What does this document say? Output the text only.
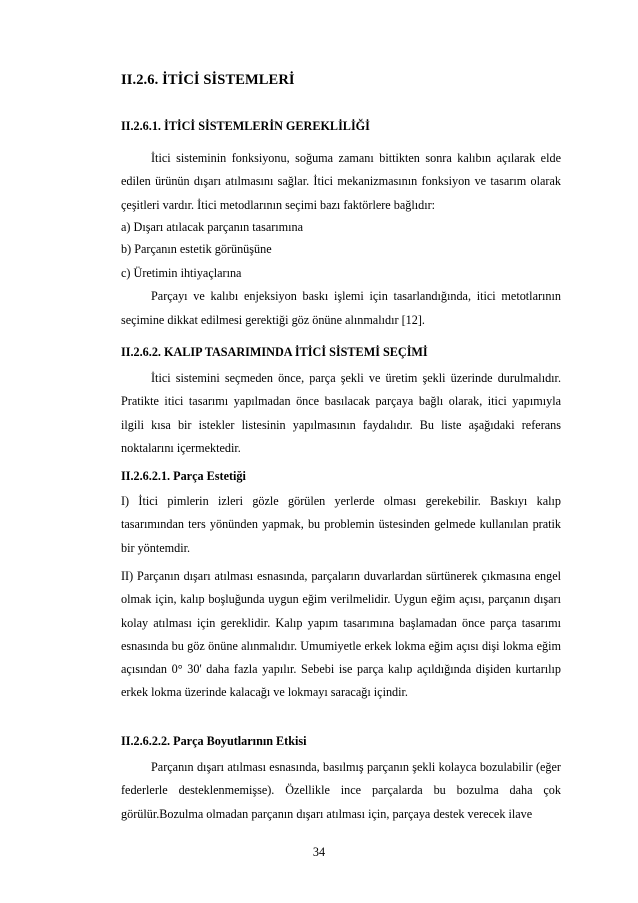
II.2.6. İTİCİ SİSTEMLERİ
II.2.6.1. İTİCİ SİSTEMLERİN GEREKLİLİĞİ

İtici sisteminin fonksiyonu, soğuma zamanı bittikten sonra kalıbın açılarak elde edilen ürünün dışarı atılmasını sağlar. İtici mekanizmasının fonksiyon ve tasarım olarak çeşitleri vardır. İtici metodlarının seçimi bazı faktörlere bağlıdır:

a) Dışarı atılacak parçanın tasarımına

b) Parçanın estetik görünüşüne

c) Üretimin ihtiyaçlarına
Parçayı ve kalıbı enjeksiyon baskı işlemi için tasarlandığında, itici metotlarının seçimine dikkat edilmesi gerektiği göz önüne alınmalıdır [12].
II.2.6.2. KALIP TASARIMINDA İTİCİ SİSTEMİ SEÇİMİ

İtici sistemini seçmeden önce, parça şekli ve üretim şekli üzerinde durulmalıdır. Pratikte itici tasarımı yapılmadan önce basılacak parçaya bağlı olarak, itici yapımıyla ilgili kısa bir istekler listesinin yapılmasının faydalıdır. Bu liste aşağıdaki referans noktalarını içermektedir.

II.2.6.2.1. Parça Estetiği

I) İtici pimlerin izleri gözle görülen yerlerde olması gerekebilir. Baskıyı kalıp tasarımından ters yönünden yapmak, bu problemin üstesinden gelmede kullanılan pratik bir yöntemdir.

II) Parçanın dışarı atılması esnasında, parçaların duvarlardan sürtünerek çıkmasına engel olmak için, kalıp boşluğunda uygun eğim verilmelidir. Uygun eğim açısı, parçanın dışarı kolay atılması için gereklidir. Kalıp yapım tasarımına başlamadan önce parça tasarımı esnasında bu göz önüne alınmalıdır. Umumiyetle erkek lokma eğim açısı dişi lokma eğim açısından 0° 30' daha fazla yapılır. Sebebi ise parça kalıp açıldığında dişiden kurtarılıp erkek lokma üzerinde kalacağı ve lokmayı saracağı içindir.

II.2.6.2.2. Parça Boyutlarının Etkisi

Parçanın dışarı atılması esnasında, basılmış parçanın şekli kolayca bozulabilir (eğer federlerle desteklenmemişse). Özellikle ince parçalarda bu bozulma daha çok görülür.Bozulma olmadan parçanın dışarı atılması için, parçaya destek verecek ilave

34
